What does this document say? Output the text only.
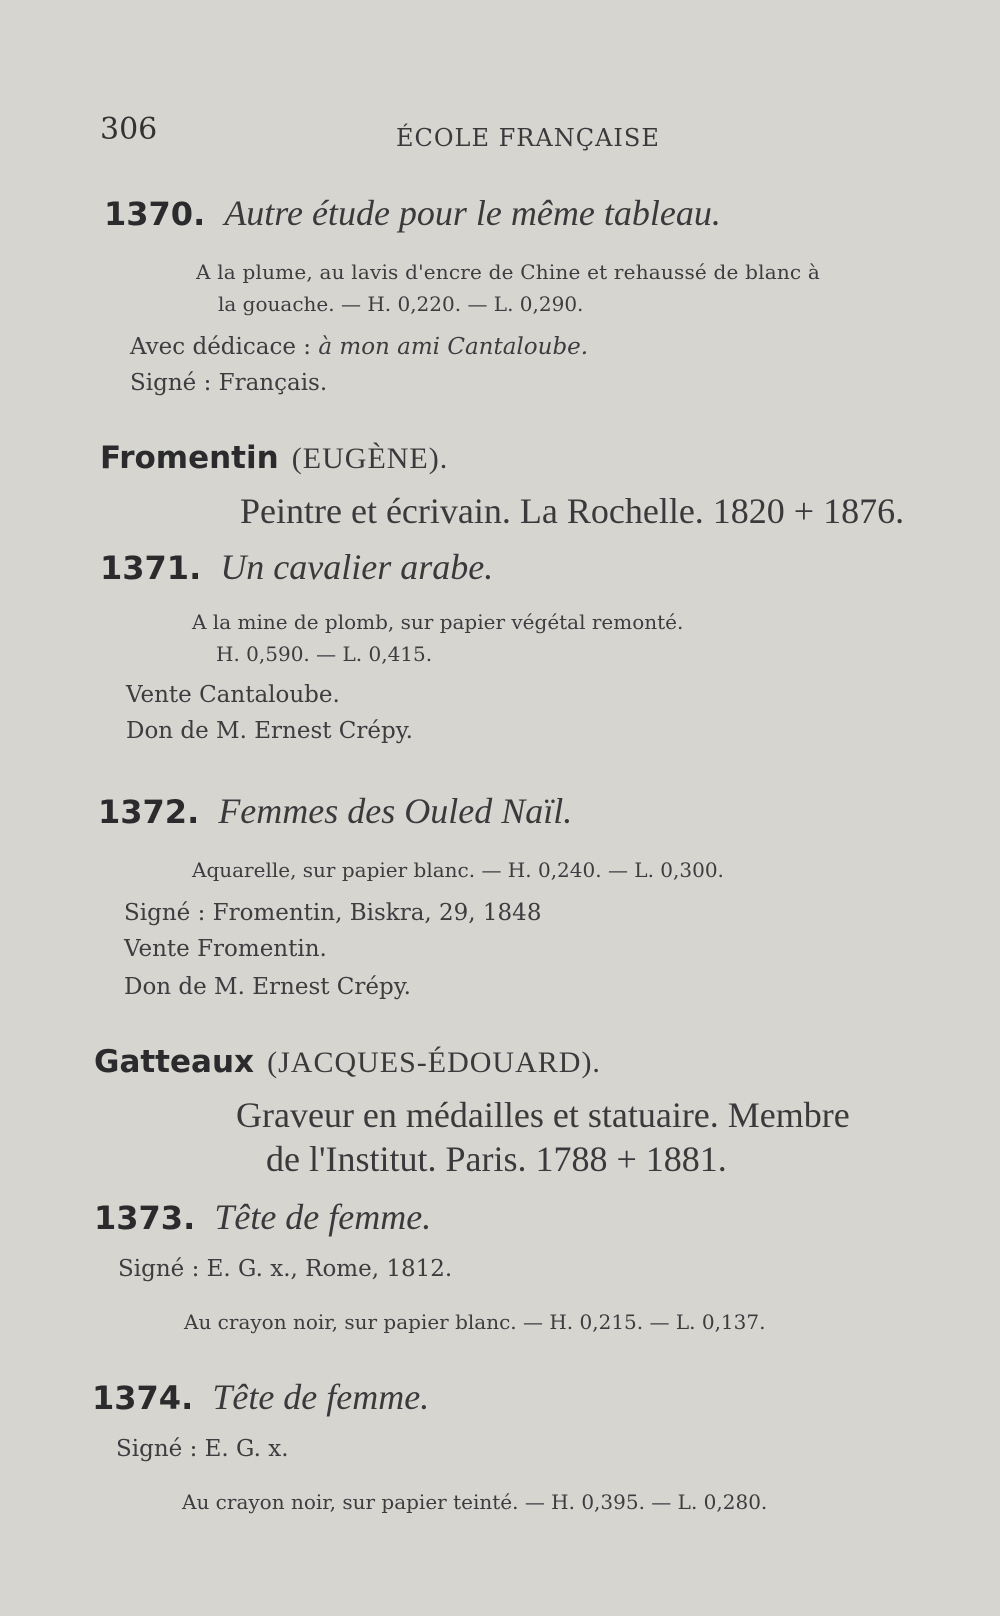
306	ÉCOLE FRANÇAISE
1370. Autre étude pour le même tableau.
A la plume, au lavis d'encre de Chine et rehaussé de blanc à
la gouache. — H. 0,220. — L. 0,290.
Avec dédicace : à mon ami Cantaloube.
Signé : Français.
Fromentin (EUGÈNE).
Peintre et écrivain. La Rochelle. 1820 + 1876.
1371. Un cavalier arabe.
A la mine de plomb, sur papier végétal remonté.
H. 0,590. — L. 0,415.
Vente Cantaloube.
Don de M. Ernest Crépy.
1372. Femmes des Ouled Naïl.
Aquarelle, sur papier blanc. — H. 0,240. — L. 0,300.
Signé : Fromentin, Biskra, 29, 1848
Vente Fromentin.
Don de M. Ernest Crépy.
Gatteaux (JACQUES-ÉDOUARD).
Graveur en médailles et statuaire. Membre
de l'Institut. Paris. 1788 + 1881.
1373. Tête de femme.
Signé : E. G. x., Rome, 1812.
Au crayon noir, sur papier blanc. — H. 0,215. — L. 0,137.
1374. Tête de femme.
Signé : E. G. x.
Au crayon noir, sur papier teinté. — H. 0,395. — L. 0,280.
